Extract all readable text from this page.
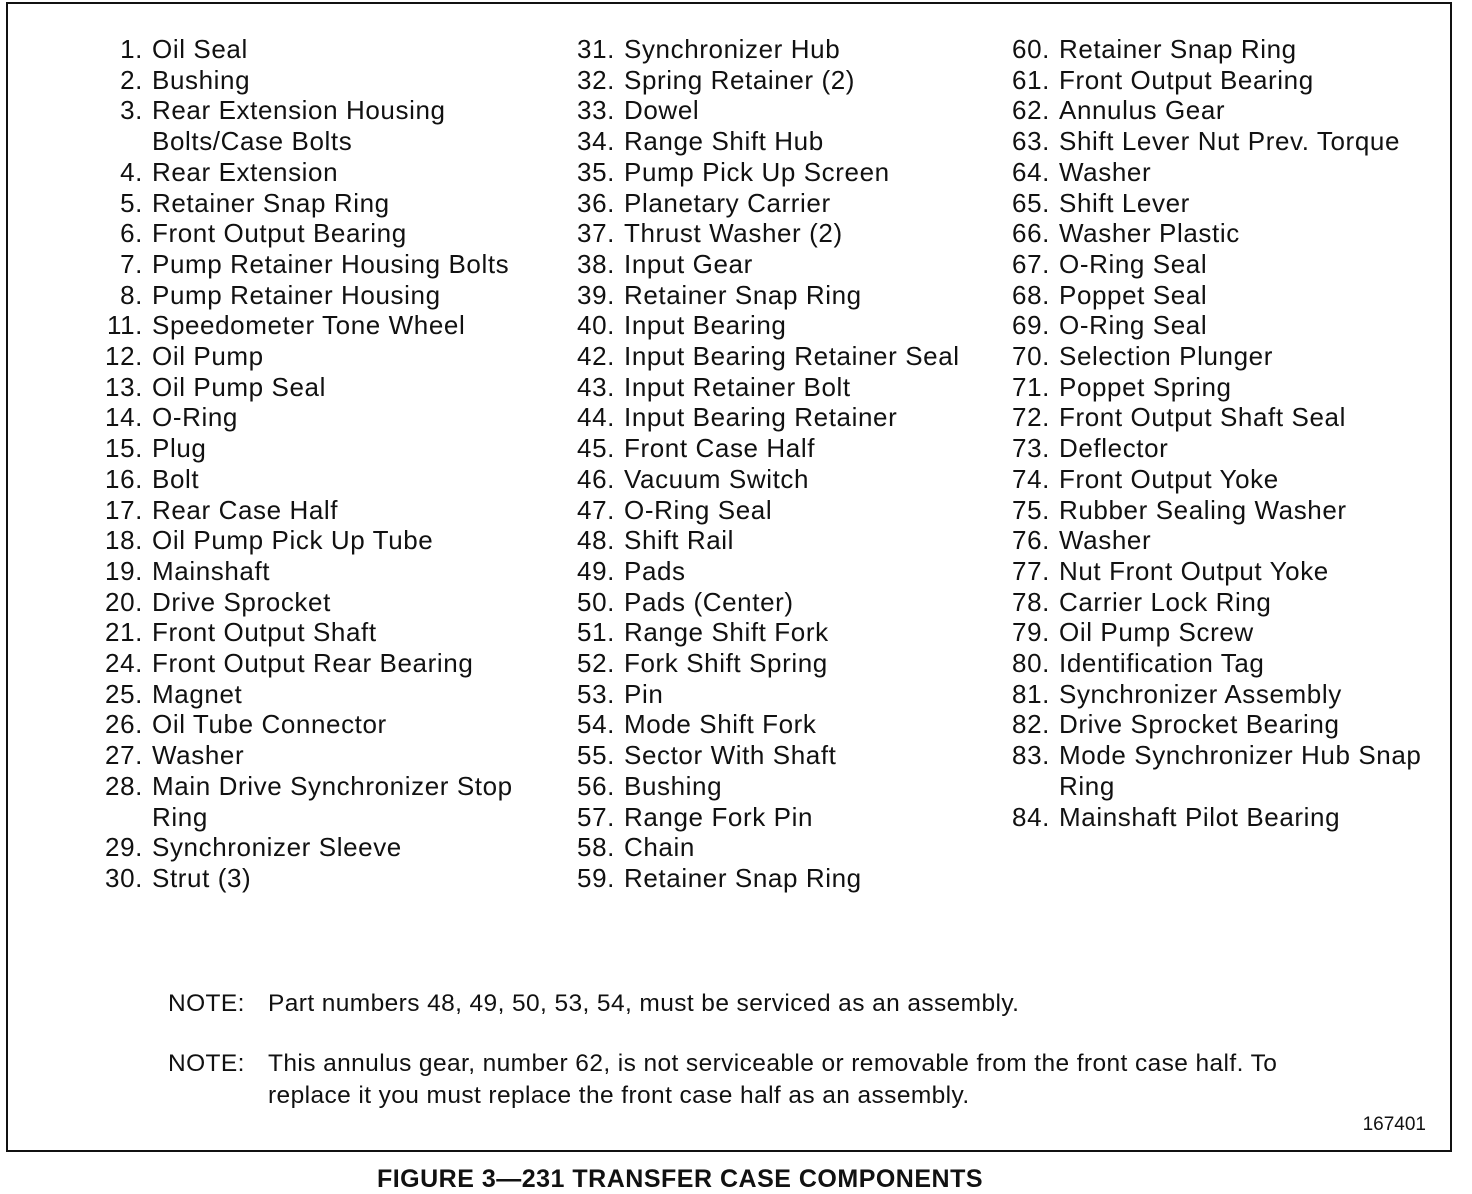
1. Oil Seal
2. Bushing
3. Rear Extension Housing Bolts/Case Bolts
4. Rear Extension
5. Retainer Snap Ring
6. Front Output Bearing
7. Pump Retainer Housing Bolts
8. Pump Retainer Housing
11. Speedometer Tone Wheel
12. Oil Pump
13. Oil Pump Seal
14. O-Ring
15. Plug
16. Bolt
17. Rear Case Half
18. Oil Pump Pick Up Tube
19. Mainshaft
20. Drive Sprocket
21. Front Output Shaft
24. Front Output Rear Bearing
25. Magnet
26. Oil Tube Connector
27. Washer
28. Main Drive Synchronizer Stop Ring
29. Synchronizer Sleeve
30. Strut (3)
31. Synchronizer Hub
32. Spring Retainer (2)
33. Dowel
34. Range Shift Hub
35. Pump Pick Up Screen
36. Planetary Carrier
37. Thrust Washer (2)
38. Input Gear
39. Retainer Snap Ring
40. Input Bearing
42. Input Bearing Retainer Seal
43. Input Retainer Bolt
44. Input Bearing Retainer
45. Front Case Half
46. Vacuum Switch
47. O-Ring Seal
48. Shift Rail
49. Pads
50. Pads (Center)
51. Range Shift Fork
52. Fork Shift Spring
53. Pin
54. Mode Shift Fork
55. Sector With Shaft
56. Bushing
57. Range Fork Pin
58. Chain
59. Retainer Snap Ring
60. Retainer Snap Ring
61. Front Output Bearing
62. Annulus Gear
63. Shift Lever Nut Prev. Torque
64. Washer
65. Shift Lever
66. Washer Plastic
67. O-Ring Seal
68. Poppet Seal
69. O-Ring Seal
70. Selection Plunger
71. Poppet Spring
72. Front Output Shaft Seal
73. Deflector
74. Front Output Yoke
75. Rubber Sealing Washer
76. Washer
77. Nut Front Output Yoke
78. Carrier Lock Ring
79. Oil Pump Screw
80. Identification Tag
81. Synchronizer Assembly
82. Drive Sprocket Bearing
83. Mode Synchronizer Hub Snap Ring
84. Mainshaft Pilot Bearing
NOTE: Part numbers 48, 49, 50, 53, 54, must be serviced as an assembly.
NOTE: This annulus gear, number 62, is not serviceable or removable from the front case half. To replace it you must replace the front case half as an assembly.
167401
FIGURE 3—231 TRANSFER CASE COMPONENTS
